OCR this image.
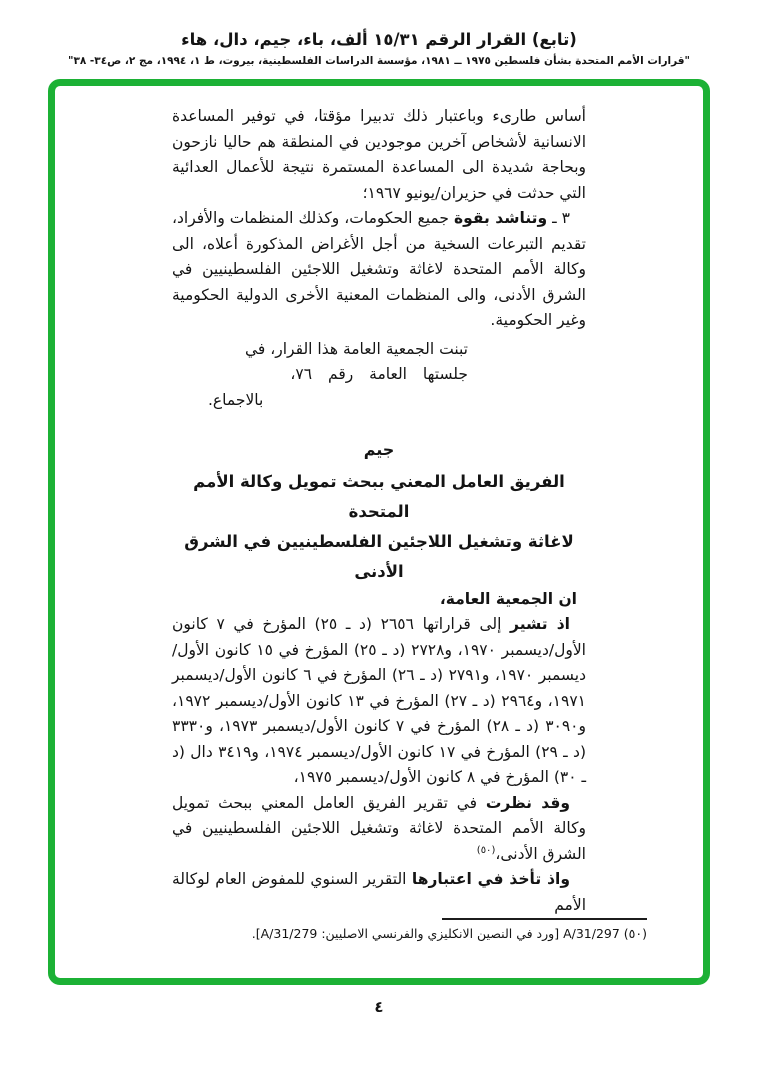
(تابع) القرار الرقم ١٥/٣١ ألف، باء، جيم، دال، هاء
"قرارات الأمم المتحدة بشأن فلسطين ١٩٧٥ ــ ١٩٨١، مؤسسة الدراسات الفلسطينية، بيروت، ط ١، ١٩٩٤، مج ٢، ص٣٤- ٣٨"

أساس طارىء وباعتبار ذلك تدبيرا مؤقتا، في توفير المساعدة الانسانية لأشخاص آخرين موجودين في المنطقة هم حاليا نازحون وبحاجة شديدة الى المساعدة المستمرة نتيجة للأعمال العدائية التي حدثت في حزيران/يونيو ١٩٦٧؛

٣ ـ وتناشد بقوة جميع الحكومات، وكذلك المنظمات والأفراد، تقديم التبرعات السخية من أجل الأغراض المذكورة أعلاه، الى وكالة الأمم المتحدة لاغاثة وتشغيل اللاجئين الفلسطينيين في الشرق الأدنى، والى المنظمات المعنية الأخرى الدولية الحكومية وغير الحكومية.

تبنت الجمعية العامة هذا القرار، في
جلستها العامة رقم ٧٦،
بالاجماع.
جيم
الفريق العامل المعني ببحث تمويل وكالة الأمم المتحدة
لاغاثة وتشغيل اللاجئين الفلسطينيين في الشرق الأدنى

ان الجمعية العامة،

اذ تشير إلى قراراتها ٢٦٥٦ (د ـ ٢٥) المؤرخ في ٧ كانون الأول/ديسمبر ١٩٧٠، و٢٧٢٨ (د ـ ٢٥) المؤرخ في ١٥ كانون الأول/ديسمبر ١٩٧٠، و٢٧٩١ (د ـ ٢٦) المؤرخ في ٦ كانون الأول/ديسمبر ١٩٧١، و٢٩٦٤ (د ـ ٢٧) المؤرخ في ١٣ كانون الأول/ديسمبر ١٩٧٢، و٣٠٩٠ (د ـ ٢٨) المؤرخ في ٧ كانون الأول/ديسمبر ١٩٧٣، و٣٣٣٠ (د ـ ٢٩) المؤرخ في ١٧ كانون الأول/ديسمبر ١٩٧٤، و٣٤١٩ دال (د ـ ٣٠) المؤرخ في ٨ كانون الأول/ديسمبر ١٩٧٥،

وقد نظرت في تقرير الفريق العامل المعني ببحث تمويل وكالة الأمم المتحدة لاغاثة وتشغيل اللاجئين الفلسطينيين في الشرق الأدنى،$^{(٥٠)}$

واذ تأخذ في اعتبارها التقرير السنوي للمفوض العام لوكالة الأمم

(٥٠) A/31/297 [ورد في النصين الانكليزي والفرنسي الاصليين: A/31/279].
٤
